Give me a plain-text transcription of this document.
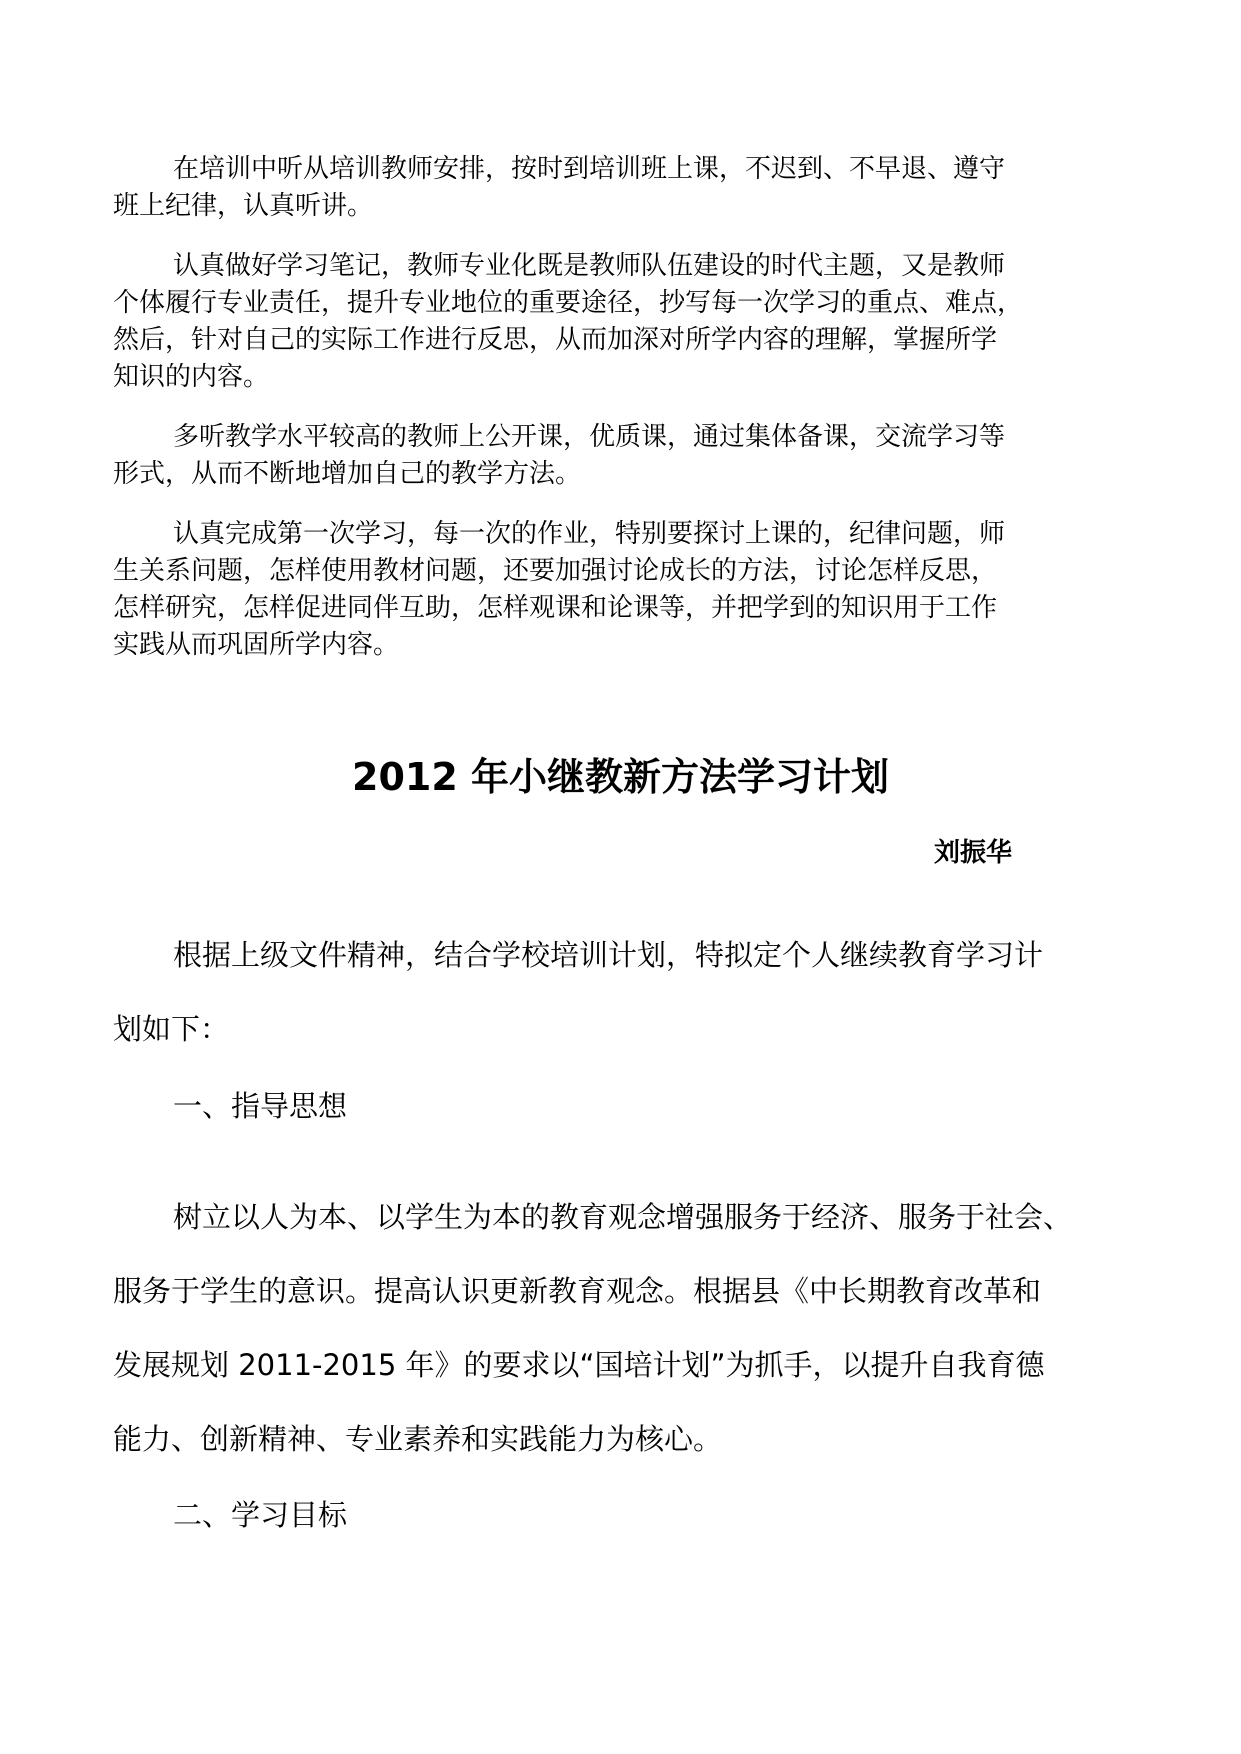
在培训中听从培训教师安排，按时到培训班上课，不迟到、不早退、遵守
班上纪律，认真听讲。

认真做好学习笔记，教师专业化既是教师队伍建设的时代主题，又是教师
个体履行专业责任，提升专业地位的重要途径，抄写每一次学习的重点、难点，
然后，针对自己的实际工作进行反思，从而加深对所学内容的理解，掌握所学
知识的内容。

多听教学水平较高的教师上公开课，优质课，通过集体备课，交流学习等
形式，从而不断地增加自己的教学方法。

认真完成第一次学习，每一次的作业，特别要探讨上课的，纪律问题，师
生关系问题，怎样使用教材问题，还要加强讨论成长的方法，讨论怎样反思，
怎样研究，怎样促进同伴互助，怎样观课和论课等，并把学到的知识用于工作
实践从而巩固所学内容。

2012 年小继教新方法学习计划
刘振华

根据上级文件精神，结合学校培训计划，特拟定个人继续教育学习计
划如下：

一、指导思想

树立以人为本、以学生为本的教育观念增强服务于经济、服务于社会、
服务于学生的意识。提高认识更新教育观念。根据县《中长期教育改革和
发展规划 2011-2015 年》的要求以“国培计划”为抓手，以提升自我育德
能力、创新精神、专业素养和实践能力为核心。

二、学习目标
